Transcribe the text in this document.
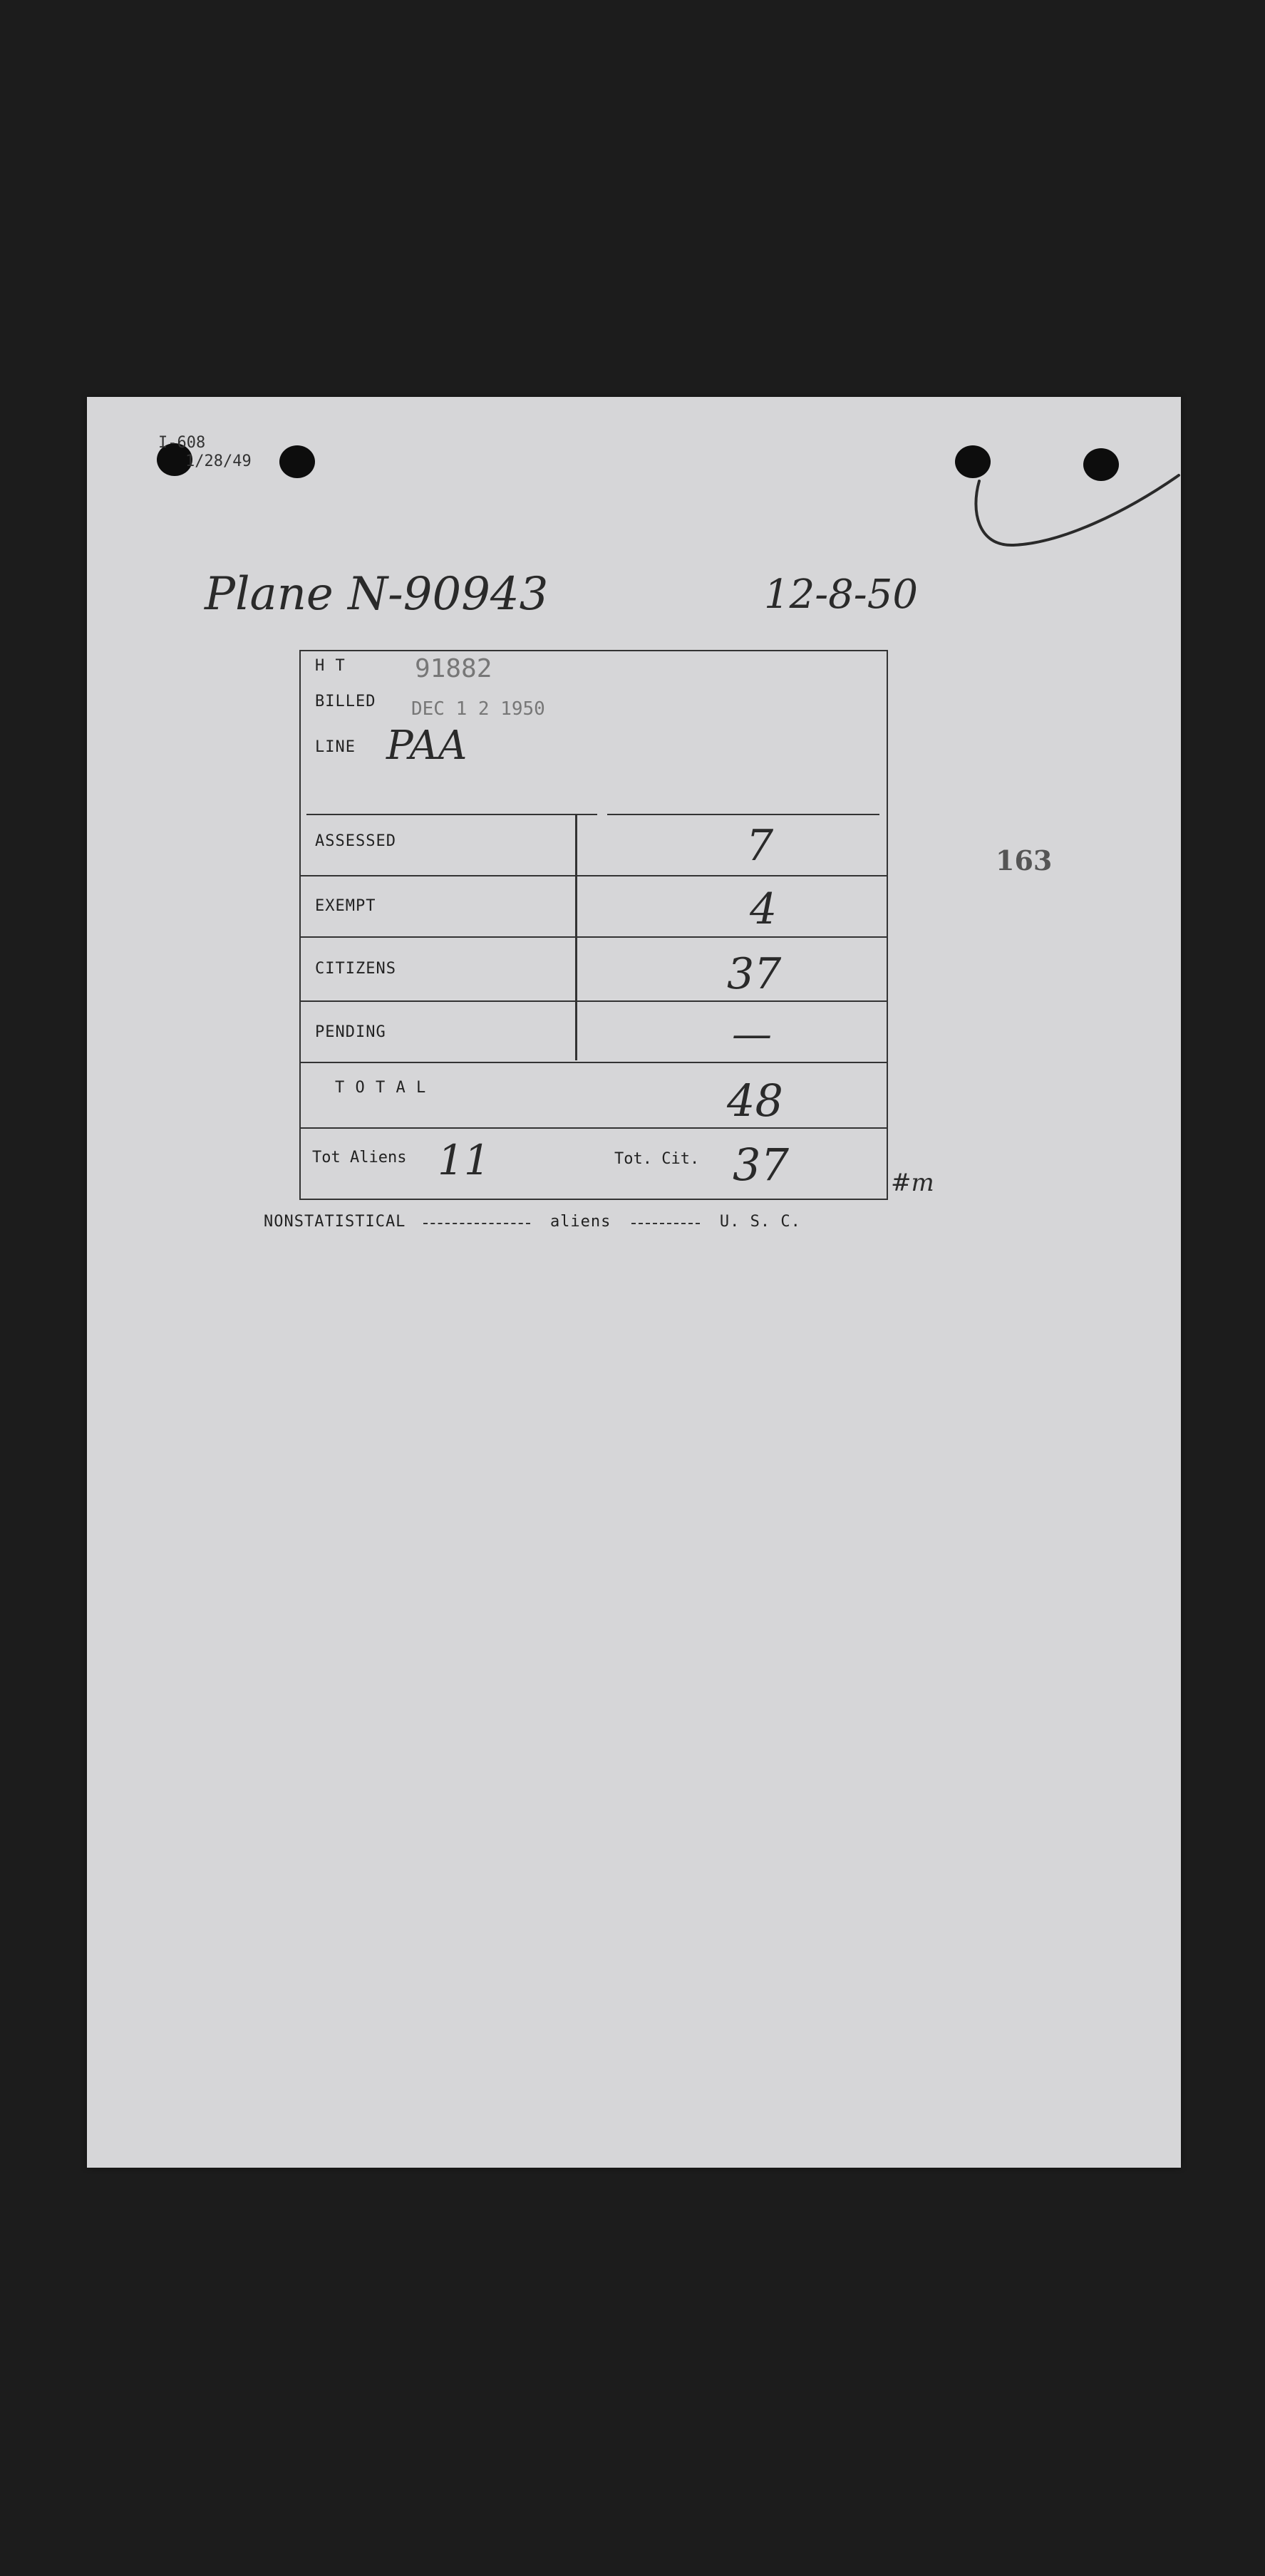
I-608
1/28/49
Plane N-90943	12-8-50
163
H T	91882
BILLED DEC 1 2 1950
LINE PAA
ASSESSED	7
EXEMPT	4
CITIZENS	37
PENDING	—
T O T A L	48
Tot Aliens 11	Tot. Cit. 37	#m
NONSTATISTICAL	aliens	U. S. C.
